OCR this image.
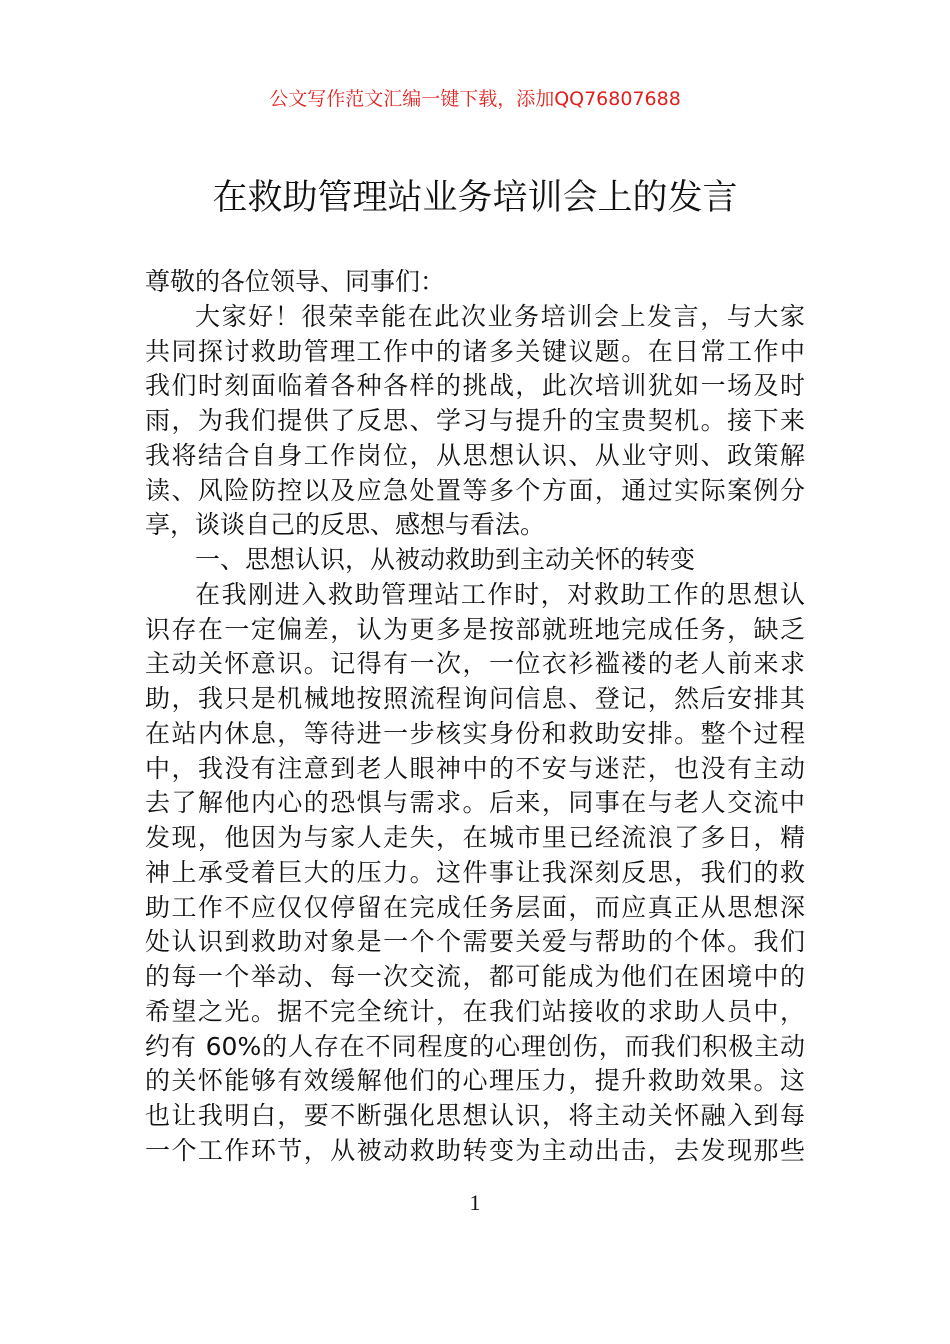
公文写作范文汇编一键下载，添加QQ76807688
在救助管理站业务培训会上的发言
尊敬的各位领导、同事们：
大家好！很荣幸能在此次业务培训会上发言，与大家
共同探讨救助管理工作中的诸多关键议题。在日常工作中
我们时刻面临着各种各样的挑战，此次培训犹如一场及时
雨，为我们提供了反思、学习与提升的宝贵契机。接下来
我将结合自身工作岗位，从思想认识、从业守则、政策解
读、风险防控以及应急处置等多个方面，通过实际案例分
享，谈谈自己的反思、感想与看法。
一、思想认识，从被动救助到主动关怀的转变
在我刚进入救助管理站工作时，对救助工作的思想认
识存在一定偏差，认为更多是按部就班地完成任务，缺乏
主动关怀意识。记得有一次，一位衣衫褴褛的老人前来求
助，我只是机械地按照流程询问信息、登记，然后安排其
在站内休息，等待进一步核实身份和救助安排。整个过程
中，我没有注意到老人眼神中的不安与迷茫，也没有主动
去了解他内心的恐惧与需求。后来，同事在与老人交流中
发现，他因为与家人走失，在城市里已经流浪了多日，精
神上承受着巨大的压力。这件事让我深刻反思，我们的救
助工作不应仅仅停留在完成任务层面，而应真正从思想深
处认识到救助对象是一个个需要关爱与帮助的个体。我们
的每一个举动、每一次交流，都可能成为他们在困境中的
希望之光。据不完全统计，在我们站接收的求助人员中，
约有 60%的人存在不同程度的心理创伤，而我们积极主动
的关怀能够有效缓解他们的心理压力，提升救助效果。这
也让我明白，要不断强化思想认识，将主动关怀融入到每
一个工作环节，从被动救助转变为主动出击，去发现那些
1
